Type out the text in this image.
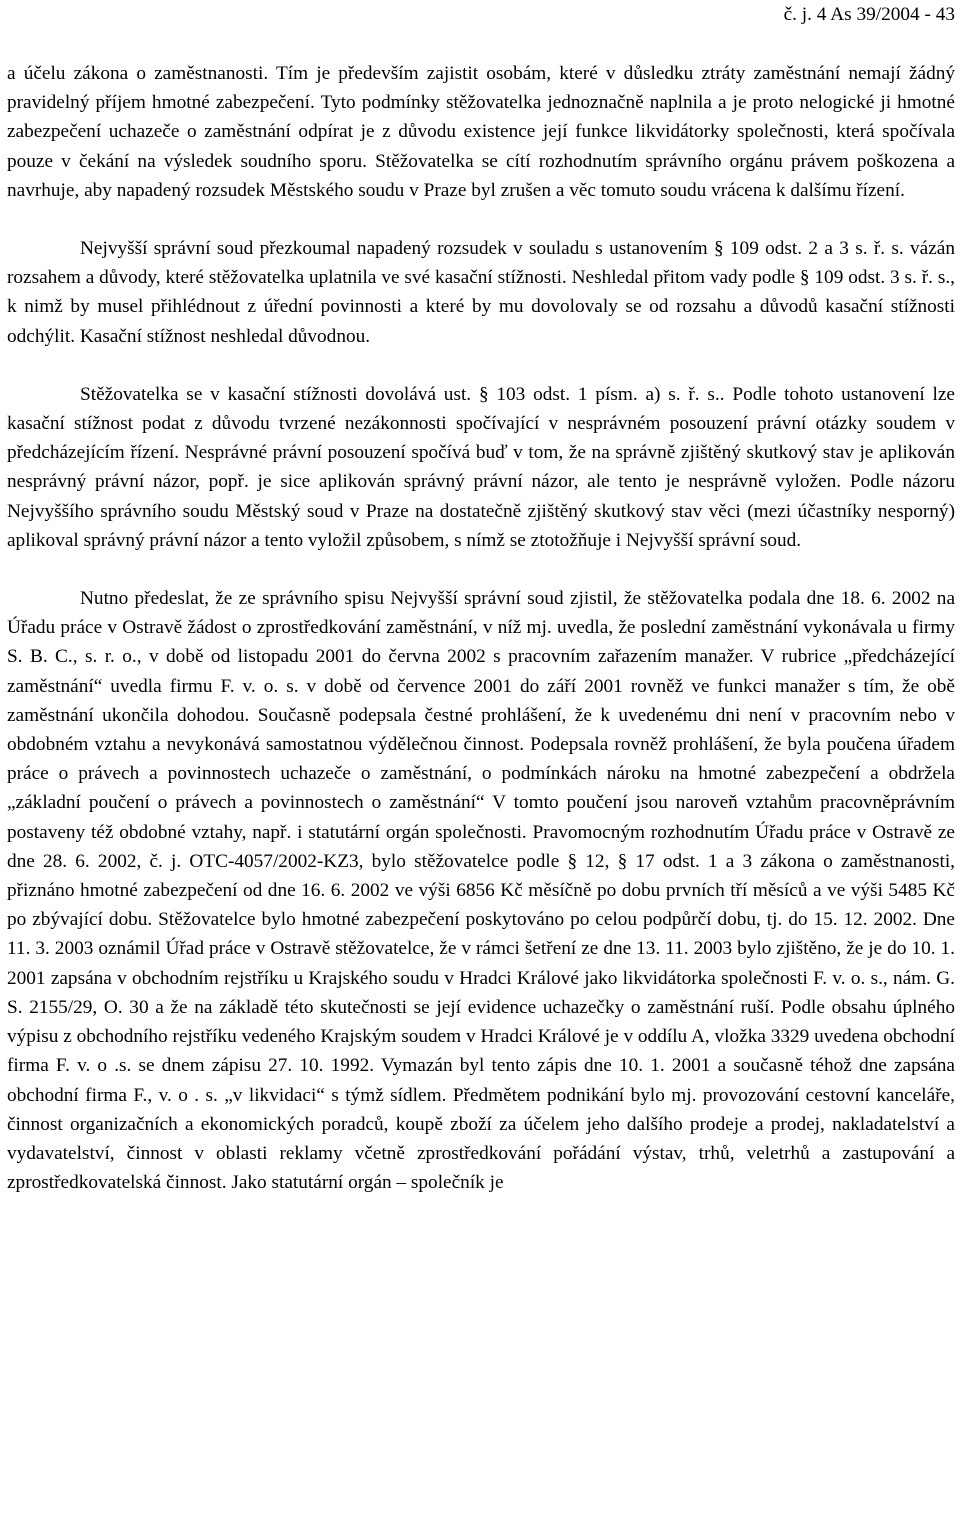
č. j. 4 As 39/2004 - 43

a účelu zákona o zaměstnanosti. Tím je především zajistit osobám, které v důsledku ztráty zaměstnání nemají žádný pravidelný příjem hmotné zabezpečení. Tyto podmínky stěžovatelka jednoznačně naplnila a je proto nelogické ji hmotné zabezpečení uchazeče o zaměstnání odpírat je z důvodu existence její funkce likvidátorky společnosti, která spočívala pouze v čekání na výsledek soudního sporu. Stěžovatelka se cítí rozhodnutím správního orgánu právem poškozena a navrhuje, aby napadený rozsudek Městského soudu v Praze byl zrušen a věc tomuto soudu vrácena k dalšímu řízení.

Nejvyšší správní soud přezkoumal napadený rozsudek v souladu s ustanovením § 109 odst. 2 a 3 s. ř. s. vázán rozsahem a důvody, které stěžovatelka uplatnila ve své kasační stížnosti. Neshledal přitom vady podle § 109 odst. 3 s. ř. s., k nimž by musel přihlédnout z úřední povinnosti a které by mu dovolovaly se od rozsahu a důvodů kasační stížnosti odchýlit. Kasační stížnost neshledal důvodnou.

Stěžovatelka se v kasační stížnosti dovolává ust. § 103 odst. 1 písm. a) s. ř. s.. Podle tohoto ustanovení lze kasační stížnost podat z důvodu tvrzené nezákonnosti spočívající v nesprávném posouzení právní otázky soudem v předcházejícím řízení. Nesprávné právní posouzení spočívá buď v tom, že na správně zjištěný skutkový stav je aplikován nesprávný právní názor, popř. je sice aplikován správný právní názor, ale tento je nesprávně vyložen. Podle názoru Nejvyššího správního soudu Městský soud v Praze na dostatečně zjištěný skutkový stav věci (mezi účastníky nesporný) aplikoval správný právní názor a tento vyložil způsobem, s nímž se ztotožňuje i Nejvyšší správní soud.

Nutno předeslat, že ze správního spisu Nejvyšší správní soud zjistil, že stěžovatelka podala dne 18. 6. 2002 na Úřadu práce v Ostravě žádost o zprostředkování zaměstnání, v níž mj. uvedla, že poslední zaměstnání vykonávala u firmy S. B. C., s. r. o., v době od listopadu 2001 do června 2002 s pracovním zařazením manažer. V rubrice „předcházející zaměstnání“ uvedla firmu F. v. o. s. v době od července 2001 do září 2001 rovněž ve funkci manažer s tím, že obě zaměstnání ukončila dohodou. Současně podepsala čestné prohlášení, že k uvedenému dni není v pracovním nebo v obdobném vztahu a nevykonává samostatnou výdělečnou činnost. Podepsala rovněž prohlášení, že byla poučena úřadem práce o právech a povinnostech uchazeče o zaměstnání, o podmínkách nároku na hmotné zabezpečení a obdržela „základní poučení o právech a povinnostech o zaměstnání“ V tomto poučení jsou naroveň vztahům pracovněprávním postaveny též obdobné vztahy, např. i statutární orgán společnosti. Pravomocným rozhodnutím Úřadu práce v Ostravě ze dne 28. 6. 2002, č. j. OTC-4057/2002-KZ3, bylo stěžovatelce podle § 12, § 17 odst. 1 a 3 zákona o zaměstnanosti, přiznáno hmotné zabezpečení od dne 16. 6. 2002 ve výši 6856 Kč měsíčně po dobu prvních tří měsíců a ve výši 5485 Kč po zbývající dobu. Stěžovatelce bylo hmotné zabezpečení poskytováno po celou podpůrčí dobu, tj. do 15. 12. 2002. Dne 11. 3. 2003 oznámil Úřad práce v Ostravě stěžovatelce, že v rámci šetření ze dne 13. 11. 2003 bylo zjištěno, že je do 10. 1. 2001 zapsána v obchodním rejstříku u Krajského soudu v Hradci Králové jako likvidátorka společnosti F. v. o. s., nám. G. S. 2155/29, O. 30 a že na základě této skutečnosti se její evidence uchazečky o zaměstnání ruší. Podle obsahu úplného výpisu z obchodního rejstříku vedeného Krajským soudem v Hradci Králové je v oddílu A, vložka 3329 uvedena obchodní firma F. v. o .s. se dnem zápisu 27. 10. 1992. Vymazán byl tento zápis dne 10. 1. 2001 a současně téhož dne zapsána obchodní firma F., v. o . s. „v likvidaci“ s týmž sídlem. Předmětem podnikání bylo mj. provozování cestovní kanceláře, činnost organizačních a ekonomických poradců, koupě zboží za účelem jeho dalšího prodeje a prodej, nakladatelství a vydavatelství, činnost v oblasti reklamy včetně zprostředkování pořádání výstav, trhů, veletrhů a zastupování a zprostředkovatelská činnost. Jako statutární orgán – společník je
